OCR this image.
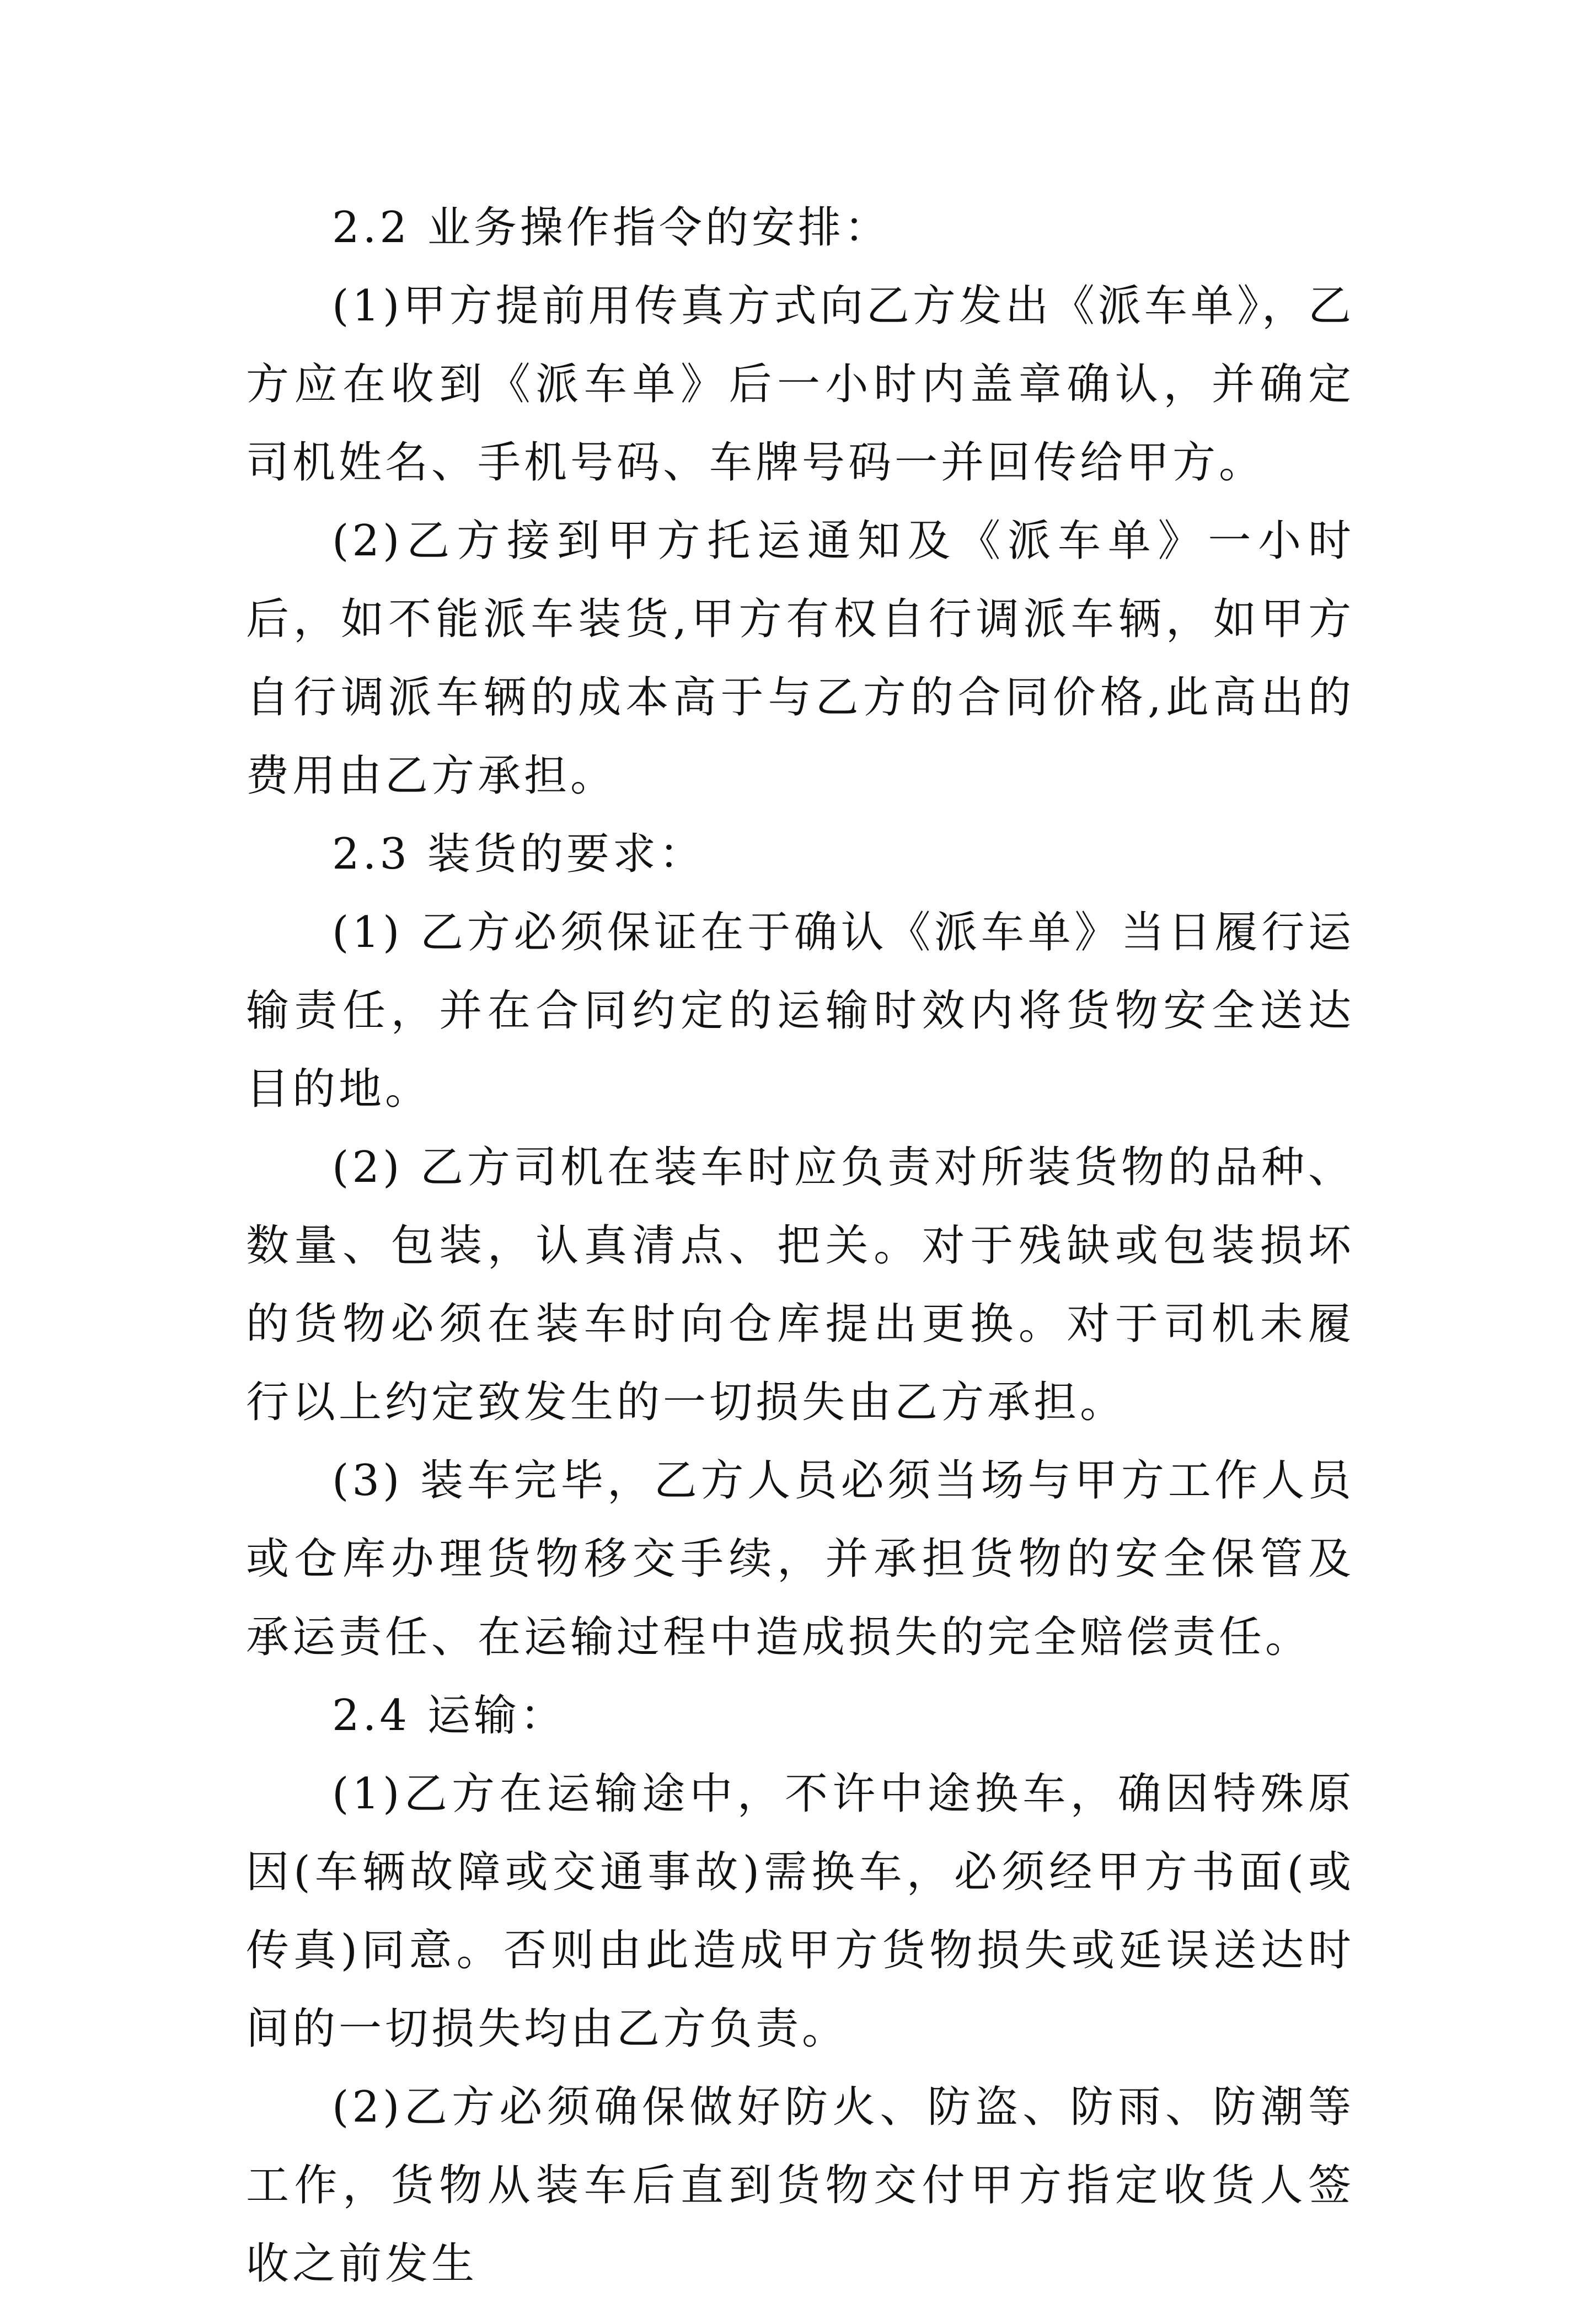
2.2 业务操作指令的安排：

(1)甲方提前用传真方式向乙方发出《派车单》，乙方应在收到《派车单》后一小时内盖章确认，并确定司机姓名、手机号码、车牌号码一并回传给甲方。

(2)乙方接到甲方托运通知及《派车单》一小时后，如不能派车装货,甲方有权自行调派车辆，如甲方自行调派车辆的成本高于与乙方的合同价格,此高出的费用由乙方承担。

2.3 装货的要求：

(1) 乙方必须保证在于确认《派车单》当日履行运输责任，并在合同约定的运输时效内将货物安全送达目的地。

(2) 乙方司机在装车时应负责对所装货物的品种、数量、包装，认真清点、把关。对于残缺或包装损坏的货物必须在装车时向仓库提出更换。对于司机未履行以上约定致发生的一切损失由乙方承担。

(3) 装车完毕，乙方人员必须当场与甲方工作人员或仓库办理货物移交手续，并承担货物的安全保管及承运责任、在运输过程中造成损失的完全赔偿责任。

2.4 运输：

(1)乙方在运输途中，不许中途换车，确因特殊原因(车辆故障或交通事故)需换车，必须经甲方书面(或传真)同意。否则由此造成甲方货物损失或延误送达时间的一切损失均由乙方负责。

(2)乙方必须确保做好防火、防盗、防雨、防潮等工作，货物从装车后直到货物交付甲方指定收货人签收之前发生
